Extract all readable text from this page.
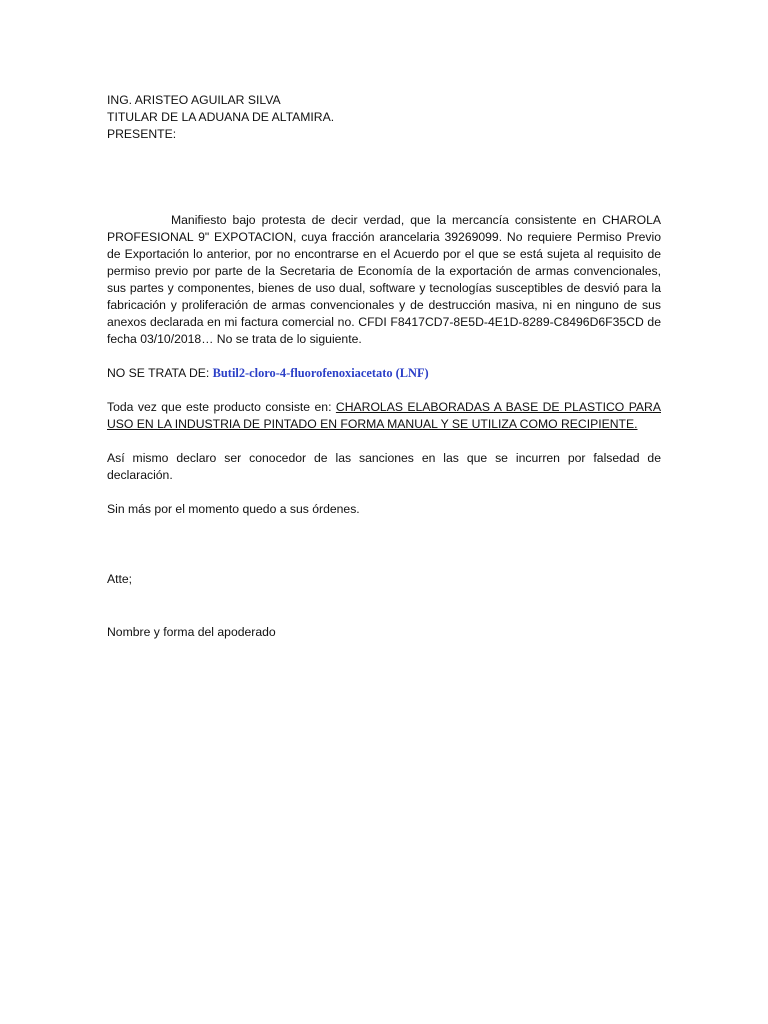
ING. ARISTEO AGUILAR SILVA
TITULAR DE LA ADUANA DE ALTAMIRA.
PRESENTE:

Manifiesto bajo protesta de decir verdad, que la mercancía consistente en CHAROLA PROFESIONAL 9" EXPOTACION, cuya fracción arancelaria 39269099. No requiere Permiso Previo de Exportación lo anterior, por no encontrarse en el Acuerdo por el que se está sujeta al requisito de permiso previo por parte de la Secretaria de Economía de la exportación de armas convencionales, sus partes y componentes, bienes de uso dual, software y tecnologías susceptibles de desvió para la fabricación y proliferación de armas convencionales y de destrucción masiva, ni en ninguno de sus anexos declarada en mi factura comercial no. CFDI F8417CD7-8E5D-4E1D-8289-C8496D6F35CD de fecha 03/10/2018… No se trata de lo siguiente.

NO SE TRATA DE: Butil2-cloro-4-fluorofenoxiacetato (LNF)

Toda vez que este producto consiste en: CHAROLAS ELABORADAS A BASE DE PLASTICO PARA USO EN LA INDUSTRIA DE PINTADO EN FORMA MANUAL Y SE UTILIZA COMO RECIPIENTE.

Así mismo declaro ser conocedor de las sanciones en las que se incurren por falsedad de declaración.

Sin más por el momento quedo a sus órdenes.

Atte;

Nombre y forma del apoderado
